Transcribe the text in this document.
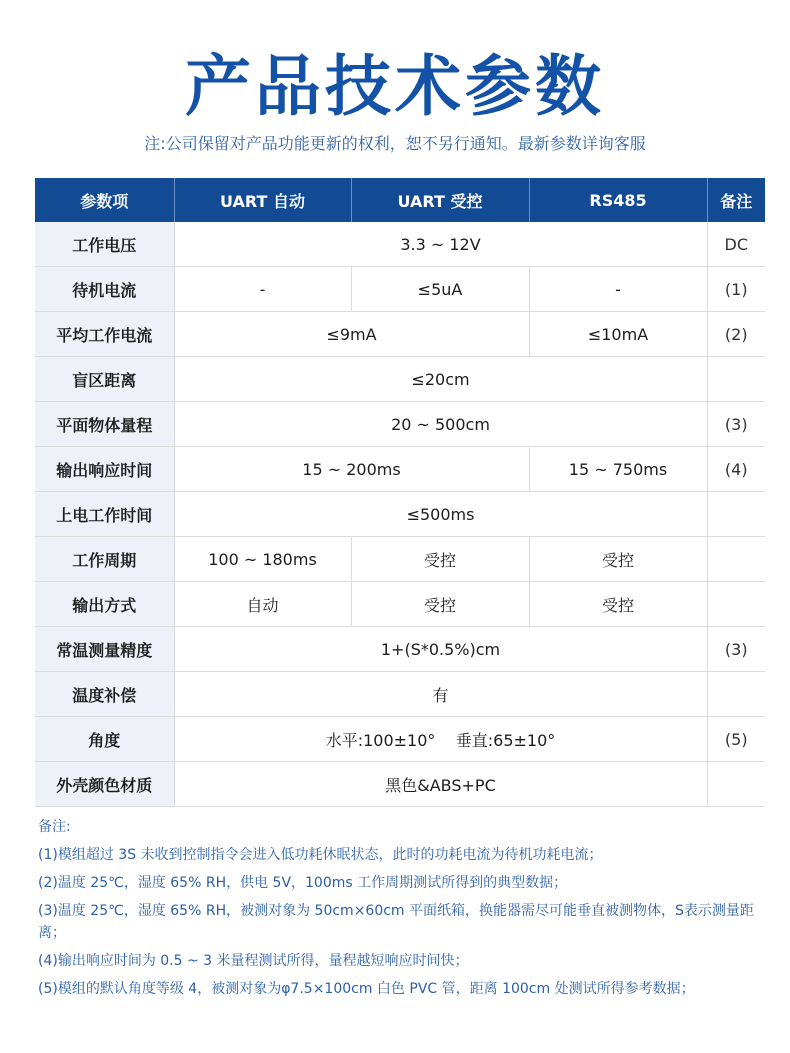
产品技术参数
注:公司保留对产品功能更新的权利，恕不另行通知。最新参数详询客服
参数项	UART 自动	UART 受控	RS485	备注
工作电压	3.3 ~ 12V			DC
待机电流	-	≤5uA	-	(1)
平均工作电流	≤9mA		≤10mA	(2)
盲区距离	≤20cm			
平面物体量程	20 ~ 500cm			(3)
输出响应时间	15 ~ 200ms		15 ~ 750ms	(4)
上电工作时间	≤500ms			
工作周期	100 ~ 180ms	受控	受控	
输出方式	自动	受控	受控	
常温测量精度	1+(S*0.5%)cm			(3)
温度补偿	有			
角度	水平:100±10°    垂直:65±10°			(5)
外壳颜色材质	黑色&ABS+PC			
备注:
(1)模组超过 3S 未收到控制指令会进入低功耗休眠状态，此时的功耗电流为待机功耗电流；
(2)温度 25℃，湿度 65% RH，供电 5V，100ms 工作周期测试所得到的典型数据；
(3)温度 25℃，湿度 65% RH，被测对象为 50cm×60cm 平面纸箱，换能器需尽可能垂直被测物体，S表示测量距离；
(4)输出响应时间为 0.5 ~ 3 米量程测试所得，量程越短响应时间快；
(5)模组的默认角度等级 4，被测对象为φ7.5×100cm 白色 PVC 管，距离 100cm 处测试所得参考数据；
